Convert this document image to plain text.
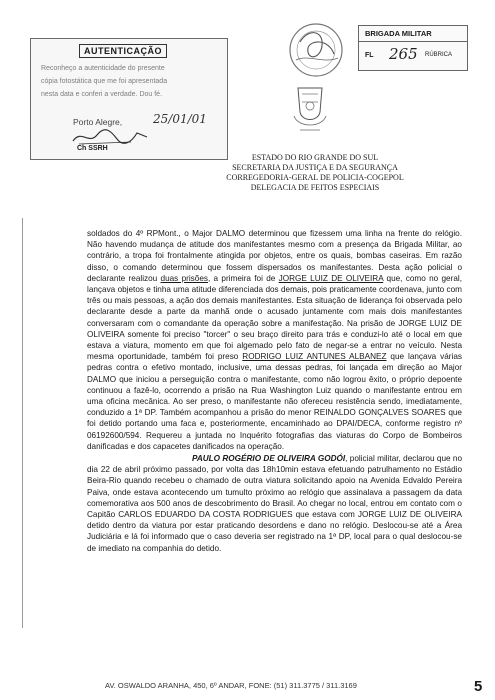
AUTENTICAÇÃO
Reconheço a autenticidade do presente
cópia fotostática que me foi apresentada
nesta data e conferi a verdade. Dou fé.
Porto Alegre,	25/01/01
Ch SSRH
BRIGADA MILITAR
FL 265 RÚBRICA
ESTADO DO RIO GRANDE DO SUL
SECRETARIA DA JUSTIÇA E DA SEGURANÇA
CORREGEDORIA-GERAL DE POLICIA-COGEPOL
DELEGACIA DE FEITOS ESPECIAIS

soldados do 4º RPMont., o Major DALMO determinou que fizessem uma linha na frente do relógio. Não havendo mudança de atitude dos manifestantes mesmo com a presença da Brigada Militar, ao contrário, a tropa foi frontalmente atingida por objetos, entre os quais, bombas caseiras. Em razão disso, o comando determinou que fossem dispersados os manifestantes. Desta ação policial o declarante realizou duas prisões, a primeira foi de JORGE LUIZ DE OLIVEIRA que, como no geral, lançava objetos e tinha uma atitude diferenciada dos demais, pois praticamente coordenava, junto com três ou mais pessoas, a ação dos demais manifestantes. Esta situação de liderança foi observada pelo declarante desde a parte da manhã onde o acusado juntamente com mais dois manifestantes conversaram com o comandante da operação sobre a manifestação. Na prisão de JORGE LUIZ DE OLIVEIRA somente foi preciso "torcer" o seu braço direito para trás e conduzi-lo até o local em que estava a viatura, momento em que foi algemado pelo fato de negar-se a entrar no veículo. Nesta mesma oportunidade, também foi preso RODRIGO LUIZ ANTUNES ALBANEZ que lançava várias pedras contra o efetivo montado, inclusive, uma dessas pedras, foi lançada em direção ao Major DALMO que iniciou a perseguição contra o manifestante, como não logrou êxito, o próprio depoente continuou a fazê-lo, ocorrendo a prisão na Rua Washington Luiz quando o manifestante entrou em uma oficina mecânica. Ao ser preso, o manifestante não ofereceu resistência sendo, imediatamente, conduzido a 1ª DP. Também acompanhou a prisão do menor REINALDO GONÇALVES SOARES que foi detido portando uma faca e, posteriormente, encaminhado ao DPAI/DECA, conforme registro nº 06192600/594. Requereu a juntada no Inquérito fotografias das viaturas do Corpo de Bombeiros danificadas e dos capacetes danificados na operação.

PAULO ROGÉRIO DE OLIVEIRA GODÓI, policial militar, declarou que no dia 22 de abril próximo passado, por volta das 18h10min estava efetuando patrulhamento no Estádio Beira-Rio quando recebeu o chamado de outra viatura solicitando apoio na Avenida Edvaldo Pereira Paiva, onde estava acontecendo um tumulto próximo ao relógio que assinalava a passagem da data comemorativa aos 500 anos de descobrimento do Brasil. Ao chegar no local, entrou em contato com o Capitão CARLOS EDUARDO DA COSTA RODRIGUES que estava com JORGE LUIZ DE OLIVEIRA detido dentro da viatura por estar praticando desordens e dano no relógio. Deslocou-se até a Área Judiciária e lá foi informado que o caso deveria ser registrado na 1ª DP, local para o qual deslocou-se de imediato na companhia do detido.

AV. OSWALDO ARANHA, 450, 6º ANDAR, FONE: (51) 311.3775 / 311.3169	5
